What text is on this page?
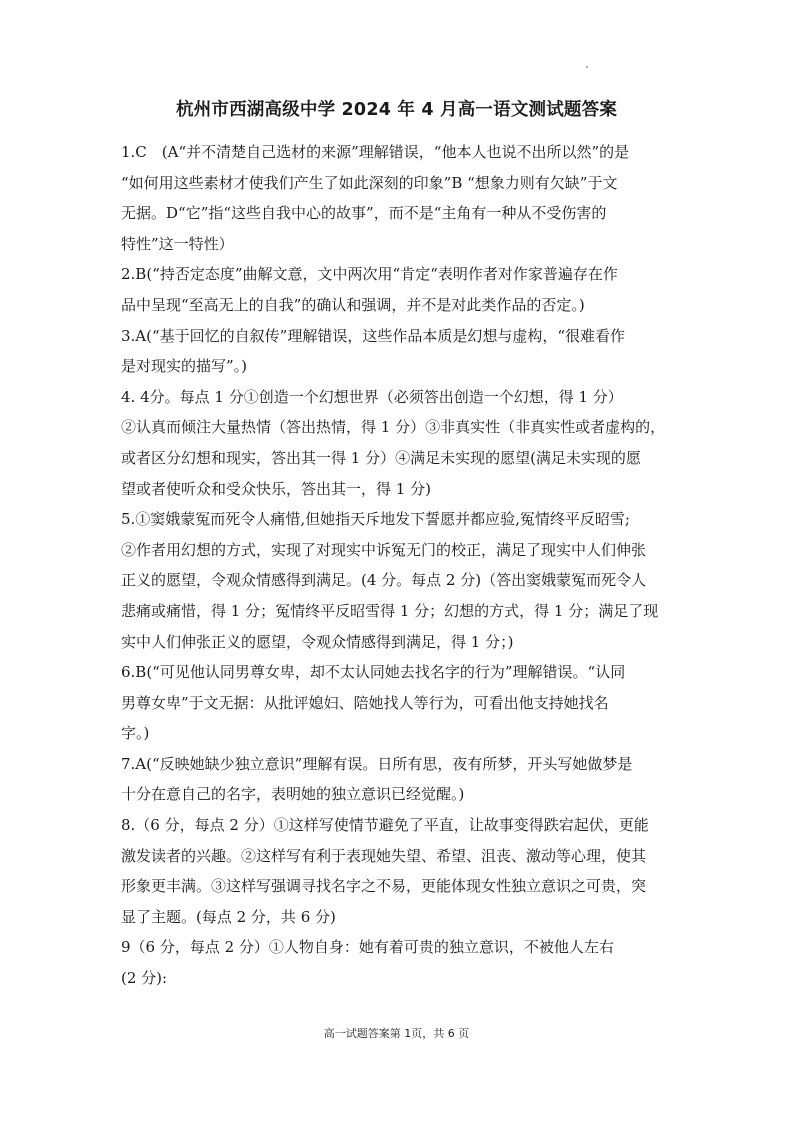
杭州市西湖高级中学 2024 年 4 月高一语文测试题答案
1.C　(A“并不清楚自己选材的来源”理解错误，“他本人也说不出所以然”的是
“如何用这些素材才使我们产生了如此深刻的印象”B “想象力则有欠缺”于文
无据。D“它”指“这些自我中心的故事”，而不是“主角有一种从不受伤害的
特性”这一特性）
2.B(“持否定态度”曲解文意，文中两次用“肯定“表明作者对作家普遍存在作
品中呈现“至高无上的自我”的确认和强调，并不是对此类作品的否定。)
3.A(“基于回忆的自叙传”理解错误，这些作品本质是幻想与虚构，“很难看作
是对现实的描写”。)
4. 4分。每点 1 分①创造一个幻想世界（必须答出创造一个幻想，得 1 分）
②认真而倾注大量热情（答出热情，得 1 分）③非真实性（非真实性或者虚构的，
或者区分幻想和现实，答出其一得 1 分）④满足未实现的愿望(满足未实现的愿
望或者使听众和受众快乐，答出其一，得 1 分)
5.①窦娥蒙冤而死令人痛惜,但她指天斥地发下誓愿并都应验,冤情终平反昭雪;
②作者用幻想的方式，实现了对现实中诉冤无门的校正，满足了现实中人们伸张
正义的愿望，令观众情感得到满足。(4 分。每点 2 分)（答出窦娥蒙冤而死令人
悲痛或痛惜，得 1 分；冤情终平反昭雪得 1 分；幻想的方式，得 1 分；满足了现
实中人们伸张正义的愿望，令观众情感得到满足，得 1 分；)
6.B(“可见他认同男尊女卑，却不太认同她去找名字的行为”理解错误。“认同
男尊女卑”于文无据：从批评媳妇、陪她找人等行为，可看出他支持她找名
字。)
7.A(“反映她缺少独立意识”理解有误。日所有思，夜有所梦，开头写她做梦是
十分在意自己的名字，表明她的独立意识已经觉醒。)
8.（6 分，每点 2 分）①这样写使情节避免了平直，让故事变得跌宕起伏，更能
激发读者的兴趣。②这样写有利于表现她失望、希望、沮丧、激动等心理，使其
形象更丰满。③这样写强调寻找名字之不易，更能体现女性独立意识之可贵，突
显了主题。(每点 2 分，共 6 分)
9（6 分，每点 2 分）①人物自身：她有着可贵的独立意识，不被他人左右
(2 分):
高一试题答案第 1页，共 6 页
